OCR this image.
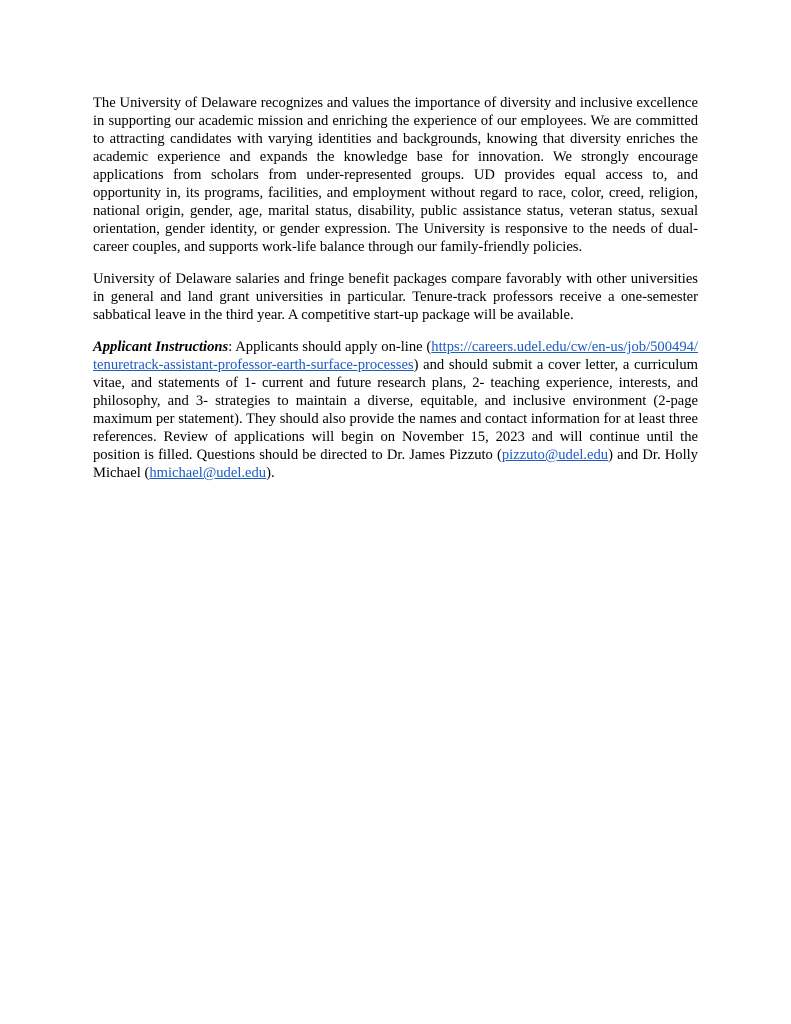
The University of Delaware recognizes and values the importance of diversity and inclusive excellence in supporting our academic mission and enriching the experience of our employees. We are committed to attracting candidates with varying identities and backgrounds, knowing that diversity enriches the academic experience and expands the knowledge base for innovation. We strongly encourage applications from scholars from under-represented groups. UD provides equal access to, and opportunity in, its programs, facilities, and employment without regard to race, color, creed, religion, national origin, gender, age, marital status, disability, public assistance status, veteran status, sexual orientation, gender identity, or gender expression. The University is responsive to the needs of dual-career couples, and supports work-life balance through our family-friendly policies.

University of Delaware salaries and fringe benefit packages compare favorably with other universities in general and land grant universities in particular. Tenure-track professors receive a one-semester sabbatical leave in the third year. A competitive start-up package will be available.

Applicant Instructions: Applicants should apply on-line (https://careers.udel.edu/cw/en-us/job/500494/tenuretrack-assistant-professor-earth-surface-processes) and should submit a cover letter, a curriculum vitae, and statements of 1- current and future research plans, 2- teaching experience, interests, and philosophy, and 3- strategies to maintain a diverse, equitable, and inclusive environment (2-page maximum per statement). They should also provide the names and contact information for at least three references. Review of applications will begin on November 15, 2023 and will continue until the position is filled. Questions should be directed to Dr. James Pizzuto (pizzuto@udel.edu) and Dr. Holly Michael (hmichael@udel.edu).
